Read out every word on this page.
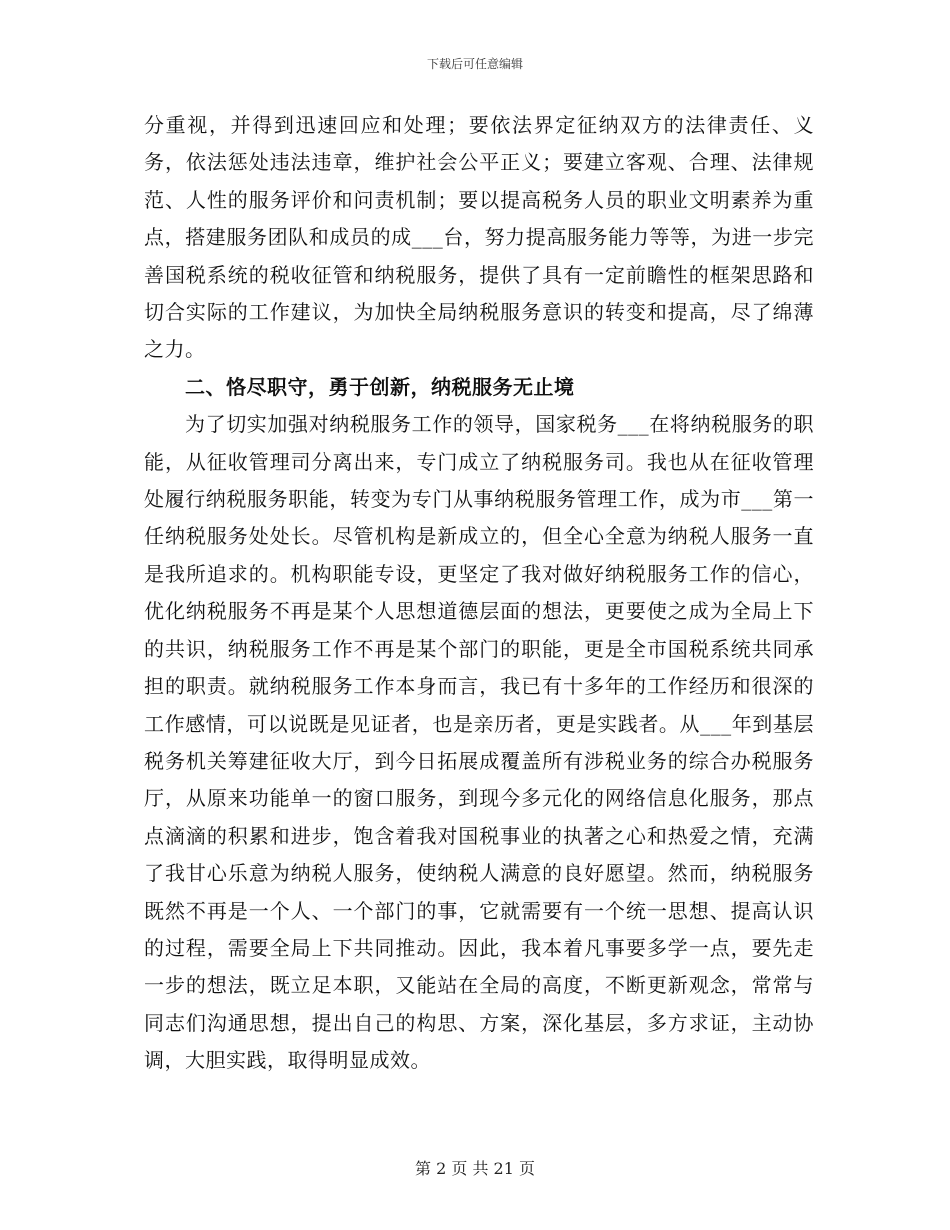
下载后可任意编辑

分重视，并得到迅速回应和处理；要依法界定征纳双方的法律责任、义务，依法惩处违法违章，维护社会公平正义；要建立客观、合理、法律规范、人性的服务评价和问责机制；要以提高税务人员的职业文明素养为重点，搭建服务团队和成员的成___台，努力提高服务能力等等，为进一步完善国税系统的税收征管和纳税服务，提供了具有一定前瞻性的框架思路和切合实际的工作建议，为加快全局纳税服务意识的转变和提高，尽了绵薄之力。

二、恪尽职守，勇于创新，纳税服务无止境

为了切实加强对纳税服务工作的领导，国家税务___在将纳税服务的职能，从征收管理司分离出来，专门成立了纳税服务司。我也从在征收管理处履行纳税服务职能，转变为专门从事纳税服务管理工作，成为市___第一任纳税服务处处长。尽管机构是新成立的，但全心全意为纳税人服务一直是我所追求的。机构职能专设，更坚定了我对做好纳税服务工作的信心，优化纳税服务不再是某个人思想道德层面的想法，更要使之成为全局上下的共识，纳税服务工作不再是某个部门的职能，更是全市国税系统共同承担的职责。就纳税服务工作本身而言，我已有十多年的工作经历和很深的工作感情，可以说既是见证者，也是亲历者，更是实践者。从___年到基层税务机关筹建征收大厅，到今日拓展成覆盖所有涉税业务的综合办税服务厅，从原来功能单一的窗口服务，到现今多元化的网络信息化服务，那点点滴滴的积累和进步，饱含着我对国税事业的执著之心和热爱之情，充满了我甘心乐意为纳税人服务，使纳税人满意的良好愿望。然而，纳税服务既然不再是一个人、一个部门的事，它就需要有一个统一思想、提高认识的过程，需要全局上下共同推动。因此，我本着凡事要多学一点，要先走一步的想法，既立足本职，又能站在全局的高度，不断更新观念，常常与同志们沟通思想，提出自己的构思、方案，深化基层，多方求证，主动协调，大胆实践，取得明显成效。

第 2 页 共 21 页
